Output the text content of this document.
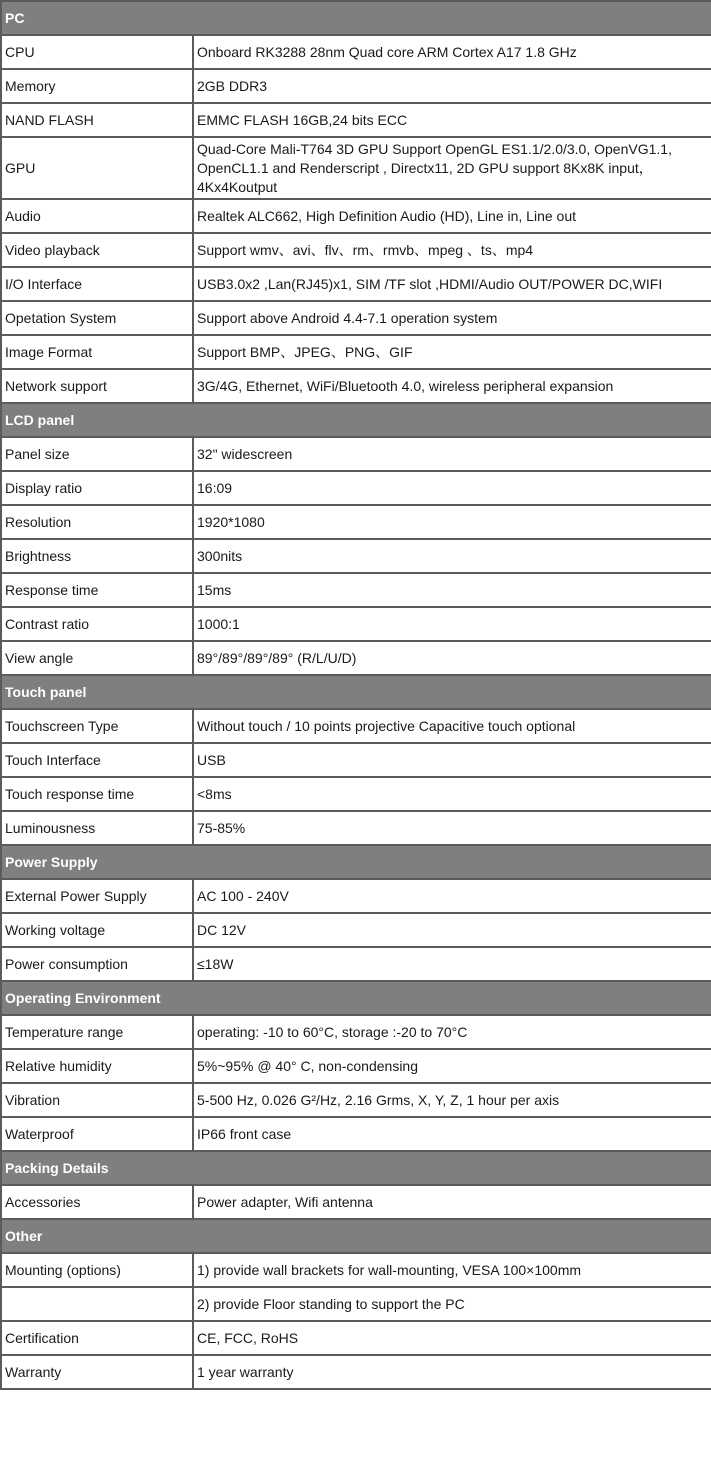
PC	
CPU	Onboard RK3288 28nm Quad core ARM Cortex A17 1.8 GHz
Memory	2GB DDR3
NAND FLASH	EMMC FLASH 16GB,24 bits ECC
GPU	Quad-Core Mali-T764 3D GPU Support OpenGL ES1.1/2.0/3.0, OpenVG1.1, OpenCL1.1 and Renderscript , Directx11, 2D GPU support 8Kx8K input，4Kx4Koutput
Audio	Realtek ALC662, High Definition Audio (HD), Line in, Line out
Video playback	Support wmv、avi、flv、rm、rmvb、mpeg 、ts、mp4
I/O Interface	USB3.0x2 ,Lan(RJ45)x1, SIM /TF slot ,HDMI/Audio OUT/POWER DC,WIFI
Opetation System	Support above Android 4.4-7.1 operation system
Image Format	Support BMP、JPEG、PNG、GIF
Network support	3G/4G, Ethernet, WiFi/Bluetooth 4.0, wireless peripheral expansion
LCD panel	
Panel size	32" widescreen
Display ratio	16:09
Resolution	1920*1080
Brightness	300nits
Response time	15ms
Contrast ratio	1000:1
View angle	89°/89°/89°/89° (R/L/U/D)
Touch panel	
Touchscreen Type	Without touch / 10 points projective Capacitive touch optional
Touch Interface	USB
Touch response time	<8ms
Luminousness	75-85%
Power Supply	
External Power Supply	AC 100 - 240V
Working voltage	DC 12V
Power consumption	≤18W
Operating Environment	
Temperature range	operating: -10 to 60°C, storage :-20 to 70°C
Relative humidity	5%~95% @ 40° C, non-condensing
Vibration	5-500 Hz, 0.026 G²/Hz, 2.16 Grms, X, Y, Z, 1 hour per axis
Waterproof	IP66 front case
Packing Details	
Accessories	Power adapter, Wifi antenna
Other	
Mounting (options)	1) provide wall brackets for wall-mounting, VESA 100×100mm
	2) provide Floor standing to support the PC
Certification	CE, FCC, RoHS
Warranty	1 year warranty
